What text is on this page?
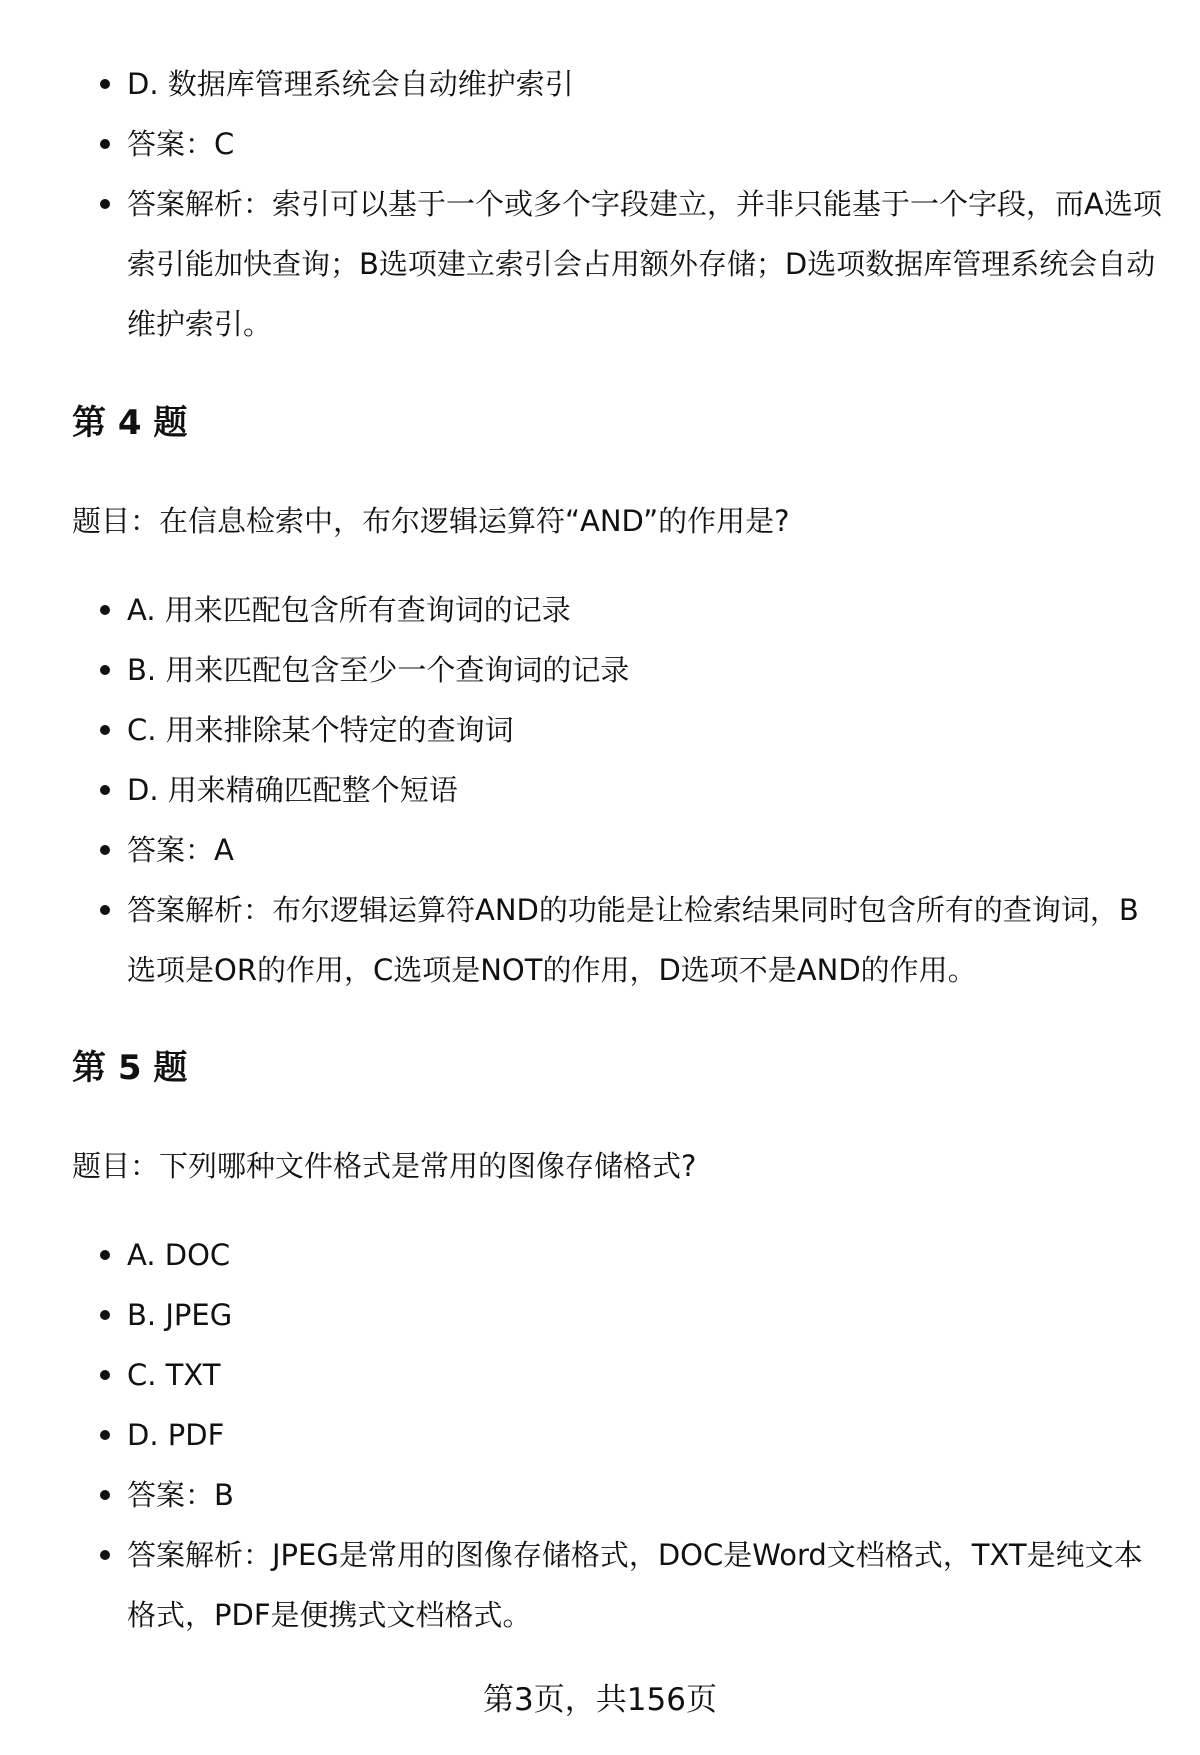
D. 数据库管理系统会自动维护索引
答案：C
答案解析：索引可以基于一个或多个字段建立，并非只能基于一个字段，而A选项索引能加快查询；B选项建立索引会占用额外存储；D选项数据库管理系统会自动维护索引。
第 4 题

题目：在信息检索中，布尔逻辑运算符“AND”的作用是?

A. 用来匹配包含所有查询词的记录
B. 用来匹配包含至少一个查询词的记录
C. 用来排除某个特定的查询词
D. 用来精确匹配整个短语
答案：A
答案解析：布尔逻辑运算符AND的功能是让检索结果同时包含所有的查询词，B选项是OR的作用，C选项是NOT的作用，D选项不是AND的作用。
第 5 题

题目：下列哪种文件格式是常用的图像存储格式?

A. DOC
B. JPEG
C. TXT
D. PDF
答案：B
答案解析：JPEG是常用的图像存储格式，DOC是Word文档格式，TXT是纯文本格式，PDF是便携式文档格式。
第3页，共156页
